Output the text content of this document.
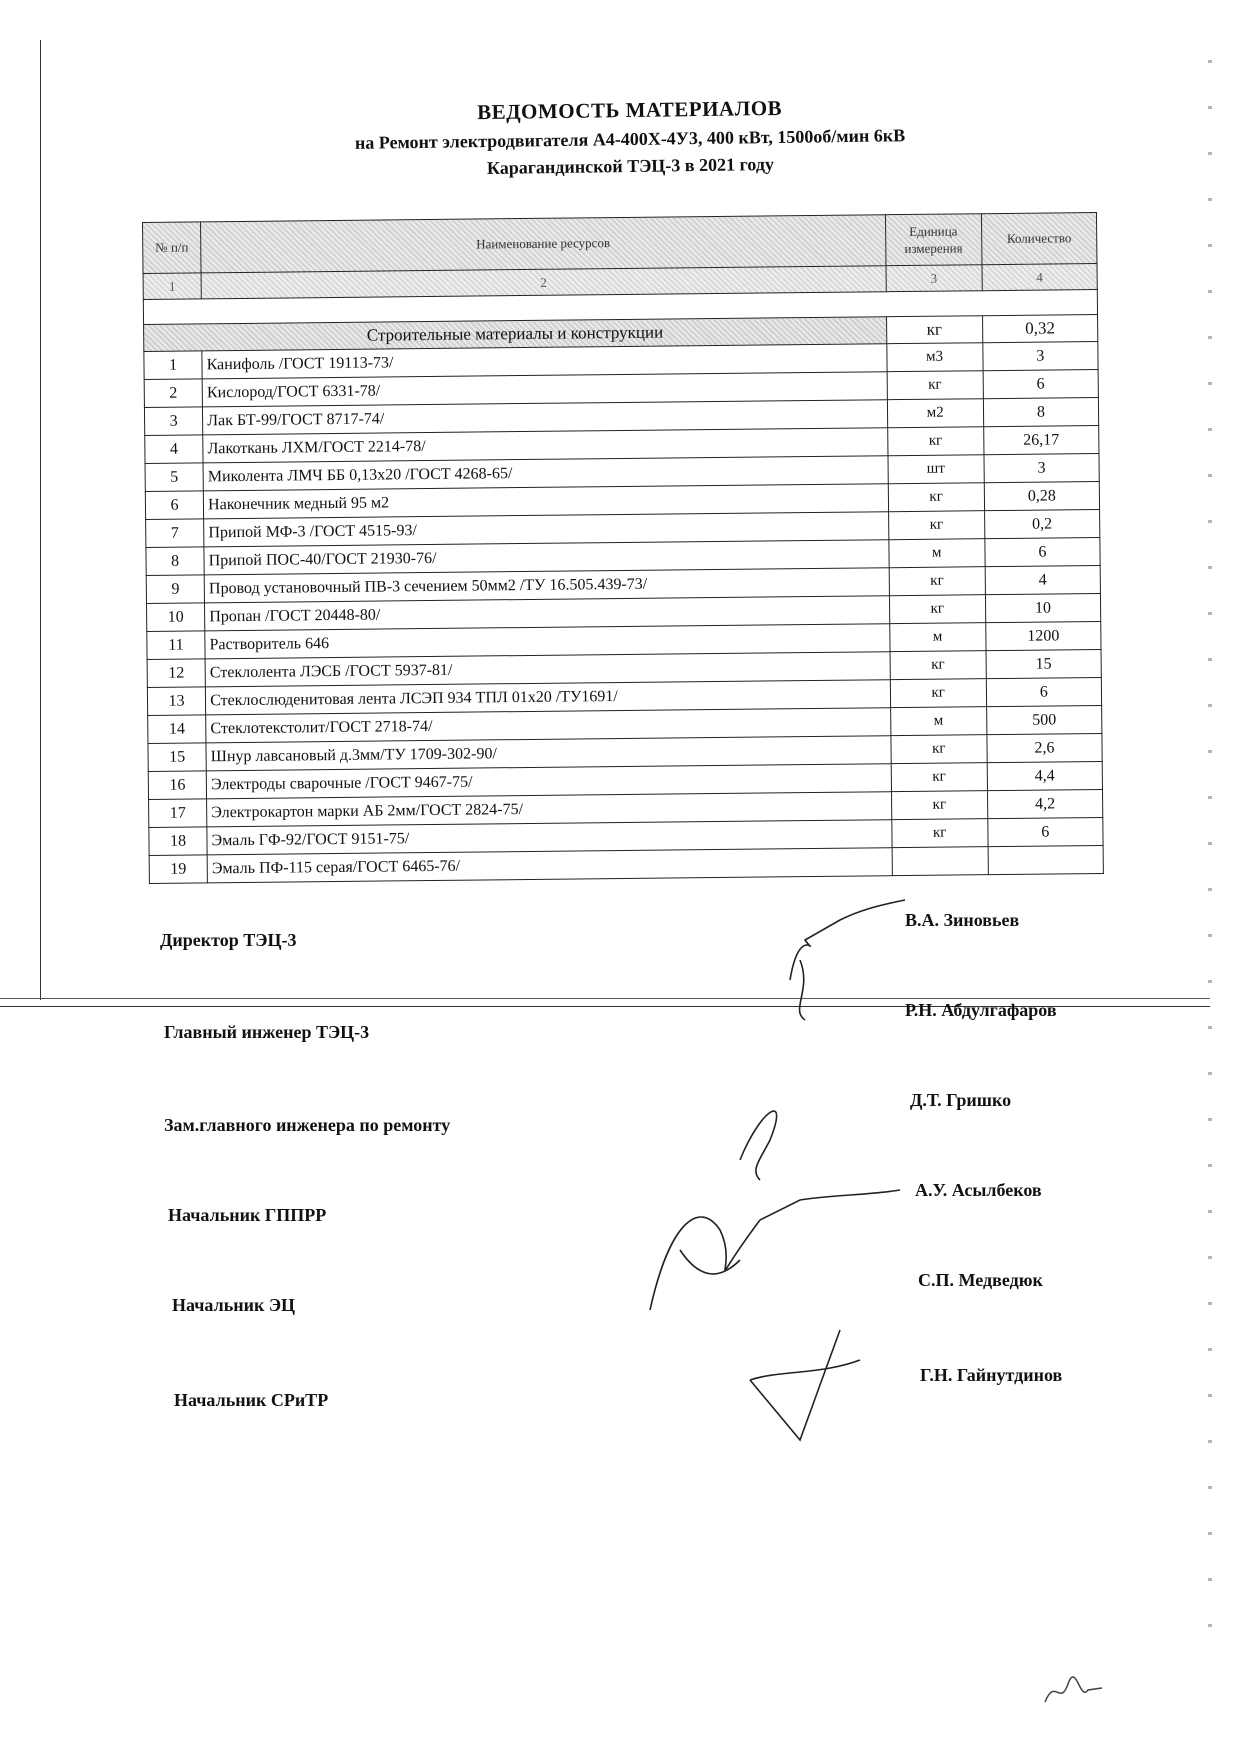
ВЕДОМОСТЬ МАТЕРИАЛОВ
на Ремонт электродвигателя А4-400Х-4У3, 400 кВт, 1500об/мин 6кВ
Карагандинской ТЭЦ-3 в 2021 году
№ п/п	Наименование ресурсов	Единица измерения	Количество
1	2	3	4

Строительные материалы и конструкции		кг	0,32
1	Канифоль /ГОСТ 19113-73/	м3	3
2	Кислород/ГОСТ 6331-78/	кг	6
3	Лак БТ-99/ГОСТ 8717-74/	м2	8
4	Лакоткань ЛХМ/ГОСТ 2214-78/	кг	26,17
5	Миколента ЛМЧ ББ 0,13х20 /ГОСТ 4268-65/	шт	3
6	Наконечник медный 95 м2	кг	0,28
7	Припой МФ-3 /ГОСТ 4515-93/	кг	0,2
8	Припой ПОС-40/ГОСТ 21930-76/	м	6
9	Провод установочный ПВ-3 сечением 50мм2 /ТУ 16.505.439-73/	кг	4
10	Пропан /ГОСТ 20448-80/	кг	10
11	Растворитель 646	м	1200
12	Стеклолента ЛЭСБ /ГОСТ 5937-81/	кг	15
13	Стеклослюденитовая лента ЛСЭП 934 ТПЛ 01х20 /ТУ1691/	кг	6
14	Стеклотекстолит/ГОСТ 2718-74/	м	500
15	Шнур лавсановый д.3мм/ТУ 1709-302-90/	кг	2,6
16	Электроды сварочные /ГОСТ 9467-75/	кг	4,4
17	Электрокартон марки АБ 2мм/ГОСТ 2824-75/	кг	4,2
18	Эмаль ГФ-92/ГОСТ 9151-75/	кг	6
19	Эмаль ПФ-115 серая/ГОСТ 6465-76/		
Директор ТЭЦ-3
В.А. Зиновьев
Главный инженер ТЭЦ-3
Р.Н. Абдулгафаров
Зам.главного инженера по ремонту
Д.Т. Гришко
Начальник ГППРР
А.У. Асылбеков
Начальник ЭЦ
С.П. Медведюк
Начальник СРиТР
Г.Н. Гайнутдинов
